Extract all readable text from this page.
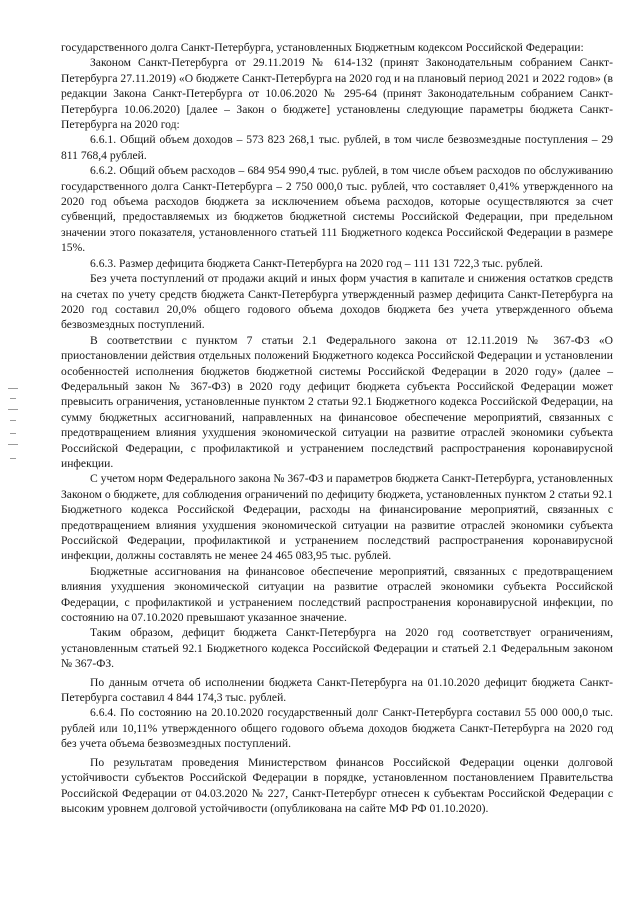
государственного долга Санкт-Петербурга, установленных Бюджетным кодексом Российской Федерации:

Законом Санкт-Петербурга от 29.11.2019 № 614-132 (принят Законодательным собранием Санкт-Петербурга 27.11.2019) «О бюджете Санкт-Петербурга на 2020 год и на плановый период 2021 и 2022 годов» (в редакции Закона Санкт-Петербурга от 10.06.2020 № 295-64 (принят Законодательным собранием Санкт-Петербурга 10.06.2020) [далее – Закон о бюджете] установлены следующие параметры бюджета Санкт-Петербурга на 2020 год:

6.6.1. Общий объем доходов – 573 823 268,1 тыс. рублей, в том числе безвозмездные поступления – 29 811 768,4 рублей.

6.6.2. Общий объем расходов – 684 954 990,4 тыс. рублей, в том числе объем расходов по обслуживанию государственного долга Санкт-Петербурга – 2 750 000,0 тыс. рублей, что составляет 0,41% утвержденного на 2020 год объема расходов бюджета за исключением объема расходов, которые осуществляются за счет субвенций, предоставляемых из бюджетов бюджетной системы Российской Федерации, при предельном значении этого показателя, установленного статьей 111 Бюджетного кодекса Российской Федерации в размере 15%.

6.6.3. Размер дефицита бюджета Санкт-Петербурга на 2020 год – 111 131 722,3 тыс. рублей.

Без учета поступлений от продажи акций и иных форм участия в капитале и снижения остатков средств на счетах по учету средств бюджета Санкт-Петербурга утвержденный размер дефицита Санкт-Петербурга на 2020 год составил 20,0% общего годового объема доходов бюджета без учета утвержденного объема безвозмездных поступлений.

В соответствии с пунктом 7 статьи 2.1 Федерального закона от 12.11.2019 № 367-ФЗ «О приостановлении действия отдельных положений Бюджетного кодекса Российской Федерации и установлении особенностей исполнения бюджетов бюджетной системы Российской Федерации в 2020 году» (далее – Федеральный закон № 367-ФЗ) в 2020 году дефицит бюджета субъекта Российской Федерации может превысить ограничения, установленные пунктом 2 статьи 92.1 Бюджетного кодекса Российской Федерации, на сумму бюджетных ассигнований, направленных на финансовое обеспечение мероприятий, связанных с предотвращением влияния ухудшения экономической ситуации на развитие отраслей экономики субъекта Российской Федерации, с профилактикой и устранением последствий распространения коронавирусной инфекции.

С учетом норм Федерального закона № 367-ФЗ и параметров бюджета Санкт-Петербурга, установленных Законом о бюджете, для соблюдения ограничений по дефициту бюджета, установленных пунктом 2 статьи 92.1 Бюджетного кодекса Российской Федерации, расходы на финансирование мероприятий, связанных с предотвращением влияния ухудшения экономической ситуации на развитие отраслей экономики субъекта Российской Федерации, профилактикой и устранением последствий распространения коронавирусной инфекции, должны составлять не менее 24 465 083,95 тыс. рублей.

Бюджетные ассигнования на финансовое обеспечение мероприятий, связанных с предотвращением влияния ухудшения экономической ситуации на развитие отраслей экономики субъекта Российской Федерации, с профилактикой и устранением последствий распространения коронавирусной инфекции, по состоянию на 07.10.2020 превышают указанное значение.

Таким образом, дефицит бюджета Санкт-Петербурга на 2020 год соответствует ограничениям, установленным статьей 92.1 Бюджетного кодекса Российской Федерации и статьей 2.1 Федеральным законом № 367-ФЗ.

По данным отчета об исполнении бюджета Санкт-Петербурга на 01.10.2020 дефицит бюджета Санкт-Петербурга составил 4 844 174,3 тыс. рублей.

6.6.4. По состоянию на 20.10.2020 государственный долг Санкт-Петербурга составил 55 000 000,0 тыс. рублей или 10,11% утвержденного общего годового объема доходов бюджета Санкт-Петербурга на 2020 год без учета объема безвозмездных поступлений.

По результатам проведения Министерством финансов Российской Федерации оценки долговой устойчивости субъектов Российской Федерации в порядке, установленном постановлением Правительства Российской Федерации от 04.03.2020 № 227, Санкт-Петербург отнесен к субъектам Российской Федерации с высоким уровнем долговой устойчивости (опубликована на сайте МФ РФ 01.10.2020).
